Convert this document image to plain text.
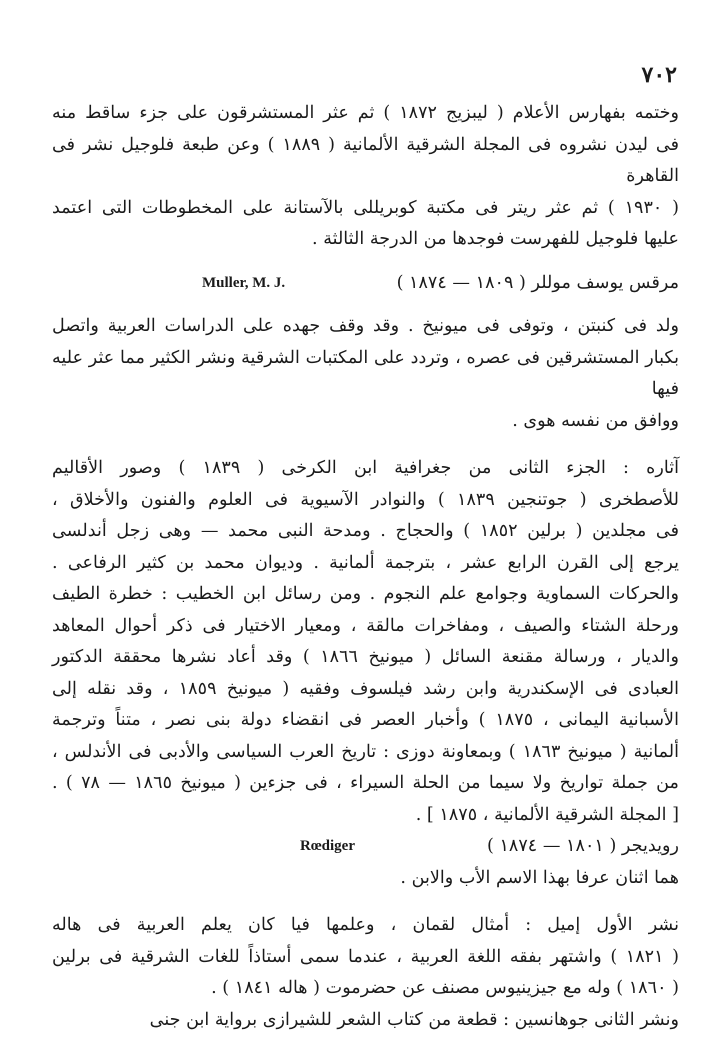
٧٠٢
وختمه بفهارس الأعلام ( ليبزيج ١٨٧٢ ) ثم عثر المستشرقون على جزء ساقط منه
فى ليدن نشروه فى المجلة الشرقية الألمانية ( ١٨٨٩ ) وعن طبعة فلوجيل نشر فى القاهرة
( ١٩٣٠ ) ثم عثر ريتر فى مكتبة كوبريللى بالآستانة على المخطوطات التى اعتمد
عليها فلوجيل للفهرست فوجدها من الدرجة الثالثة .
مرقس يوسف موللر ( ١٨٠٩ — ١٨٧٤ )
Muller, M. J.
ولد فى كنبتن ، وتوفى فى ميونيخ . وقد وقف جهده على الدراسات العربية واتصل
بكبار المستشرقين فى عصره ، وتردد على المكتبات الشرقية ونشر الكثير مما عثر عليه فيها
ووافق من نفسه هوى .
آثاره : الجزء الثانى من جغرافية ابن الكرخى ( ١٨٣٩ ) وصور الأقاليم
للأصطخرى ( جوتنجين ١٨٣٩ ) والنوادر الآسيوية فى العلوم والفنون والأخلاق ،
فى مجلدين ( برلين ١٨٥٢ ) والحجاج . ومدحة النبى محمد — وهى زجل أندلسى
يرجع إلى القرن الرابع عشر ، بترجمة ألمانية . وديوان محمد بن كثير الرفاعى .
والحركات السماوية وجوامع علم النجوم . ومن رسائل ابن الخطيب : خطرة الطيف
ورحلة الشتاء والصيف ، ومفاخرات مالقة ، ومعيار الاختيار فى ذكر أحوال المعاهد
والديار ، ورسالة مقنعة السائل ( ميونيخ ١٨٦٦ ) وقد أعاد نشرها محققة الدكتور
العبادى فى الإسكندرية وابن رشد فيلسوف وفقيه ( ميونيخ ١٨٥٩ ، وقد نقله إلى
الأسبانية اليمانى ، ١٨٧٥ ) وأخبار العصر فى انقضاء دولة بنى نصر ، متناً وترجمة
ألمانية ( ميونيخ ١٨٦٣ ) وبمعاونة دوزى : تاريخ العرب السياسى والأدبى فى الأندلس ،
من جملة تواريخ ولا سيما من الحلة السيراء ، فى جزءين ( ميونيخ ١٨٦٥ — ٧٨ ) .
[ المجلة الشرقية الألمانية ، ١٨٧٥ ] .
رويديجر ( ١٨٠١ — ١٨٧٤ )
Rœdiger
هما اثنان عرفا بهذا الاسم الأب والابن .
نشر الأول إميل : أمثال لقمان ، وعلمها فيا كان يعلم العربية فى هاله
( ١٨٢١ ) واشتهر بفقه اللغة العربية ، عندما سمى أستاذاً للغات الشرقية فى برلين
( ١٨٦٠ ) وله مع جيزينيوس مصنف عن حضرموت ( هاله ١٨٤١ ) .
ونشر الثانى جوهانسين : قطعة من كتاب الشعر للشيرازى برواية ابن جنى
